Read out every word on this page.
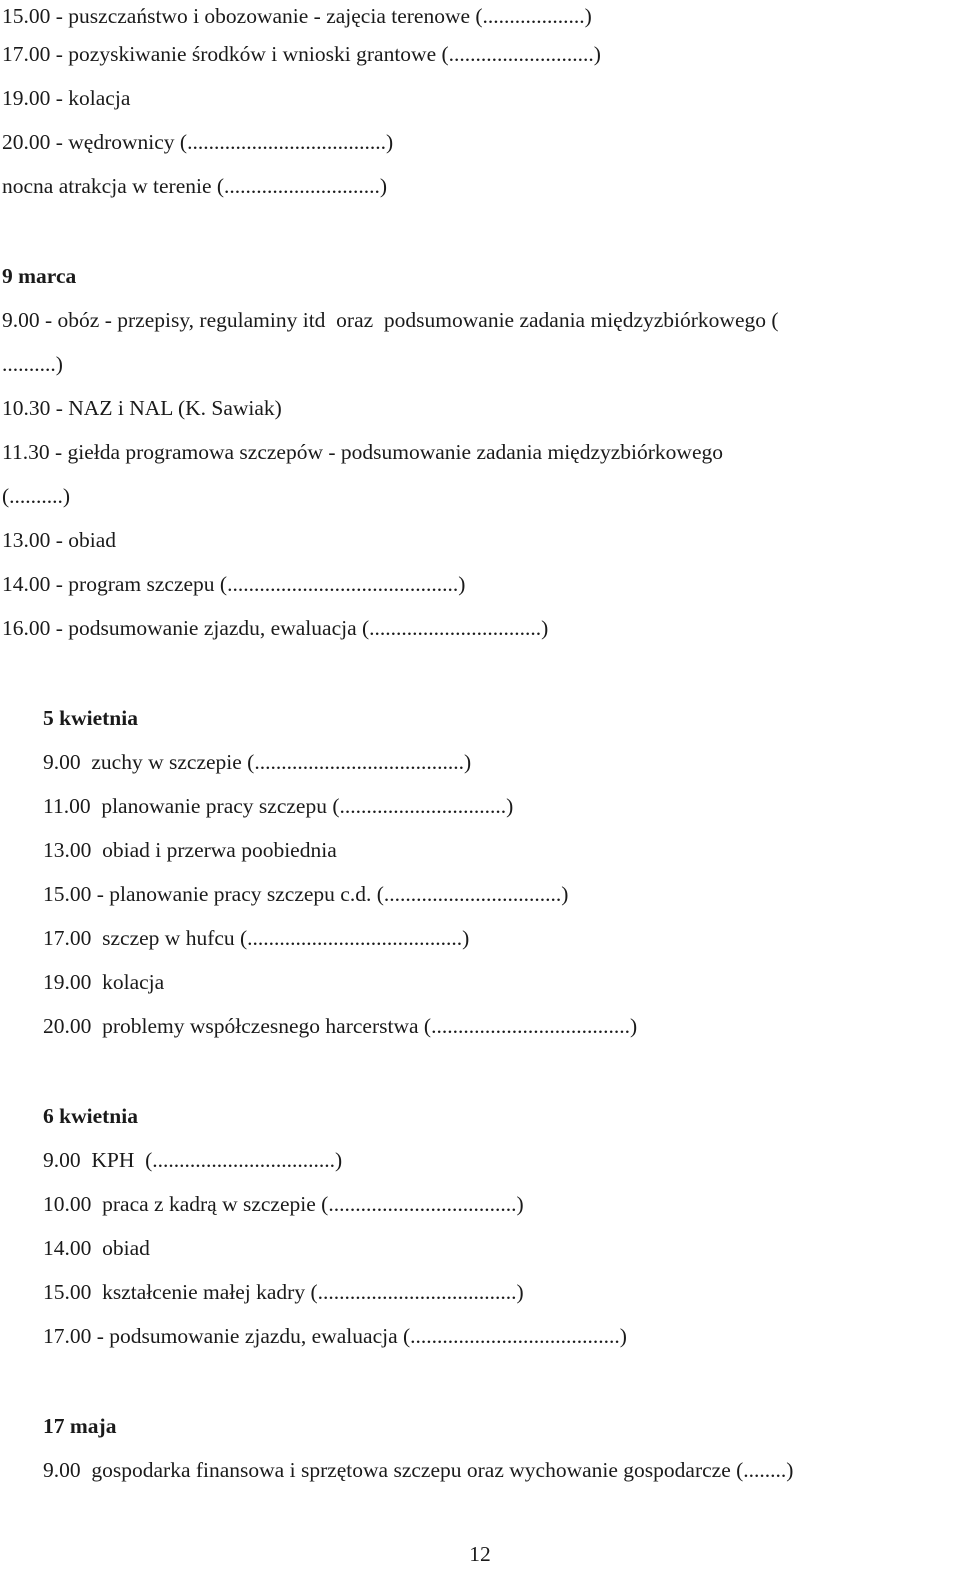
15.00 - puszczaństwo i obozowanie - zajęcia terenowe (...................)
17.00 - pozyskiwanie środków i wnioski grantowe (...........................)
19.00 - kolacja
20.00 - wędrownicy (.....................................)
nocna atrakcja w terenie (.............................)
9 marca
9.00 - obóz - przepisy, regulaminy itd  oraz  podsumowanie zadania międzyzbiórkowego (
..........)
10.30 - NAZ i NAL (K. Sawiak)
11.30 - giełda programowa szczepów - podsumowanie zadania międzyzbiórkowego
(..........)
13.00 - obiad
14.00 - program szczepu (...........................................)
16.00 - podsumowanie zjazdu, ewaluacja (................................)
5 kwietnia
9.00  zuchy w szczepie (.......................................)
11.00  planowanie pracy szczepu (...............................)
13.00  obiad i przerwa poobiednia
15.00 - planowanie pracy szczepu c.d. (.................................)
17.00  szczep w hufcu (........................................)
19.00  kolacja
20.00  problemy współczesnego harcerstwa (.....................................)
6 kwietnia
9.00  KPH  (..................................)
10.00  praca z kadrą w szczepie (...................................)
14.00  obiad
15.00  kształcenie małej kadry (.....................................)
17.00 - podsumowanie zjazdu, ewaluacja (.......................................)
17 maja
9.00  gospodarka finansowa i sprzętowa szczepu oraz wychowanie gospodarcze (........)
12
